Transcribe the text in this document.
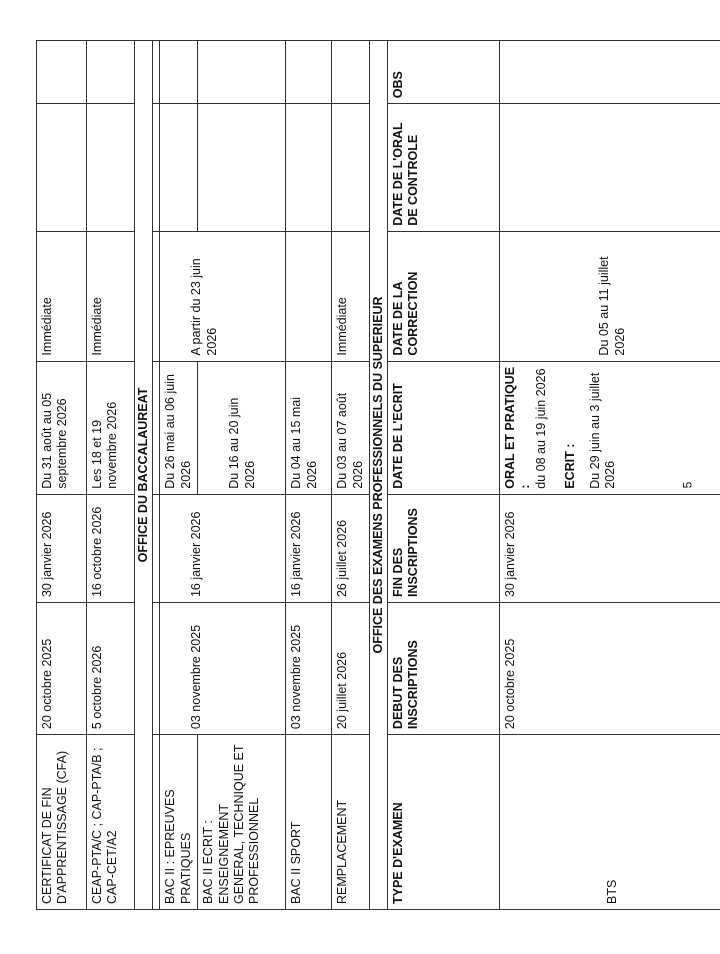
CERTIFICAT DE FIN D'APPRENTISSAGE (CFA)	20 octobre 2025	30 janvier 2026	Du 31 août au 05 septembre 2026	Immédiate		
CEAP-PTA/C ; CAP-PTA/B ; CAP-CET/A2	5 octobre 2026	16 octobre 2026	Les 18 et 19 novembre 2026	Immédiate		
OFFICE DU BACCALAUREAT						

BAC II : EPREUVES PRATIQUES	03 novembre 2025	16 janvier 2026	Du 26 mai au 06 juin 2026	A partir du 23 juin 2026		

BAC II ECRIT : ENSEIGNEMENT GENERAL, TECHNIQUE ET PROFESSIONNEL			Du 16 au 20 juin 2026			

BAC II SPORT	03 novembre 2025	16 janvier 2026	Du 04 au 15 mai 2026			
REMPLACEMENT	20 juillet 2026	26 juillet 2026	Du 03 au 07 août 2026	Immédiate		
OFFICE DES EXAMENS PROFESSIONNELS DU SUPERIEUR						
TYPE D'EXAMEN	DEBUT DES INSCRIPTIONS	FIN DES INSCRIPTIONS	DATE DE L'ECRIT	DATE DE LA CORRECTION	DATE DE L'ORAL DE CONTROLE	OBS
BTS	20 octobre 2025	30 janvier 2026	ORAL ET PRATIQUE : du 08 au 19 juin 2026 ECRIT : Du 29 juin au 3 juillet 2026	Du 05 au 11 juillet 2026		
5
